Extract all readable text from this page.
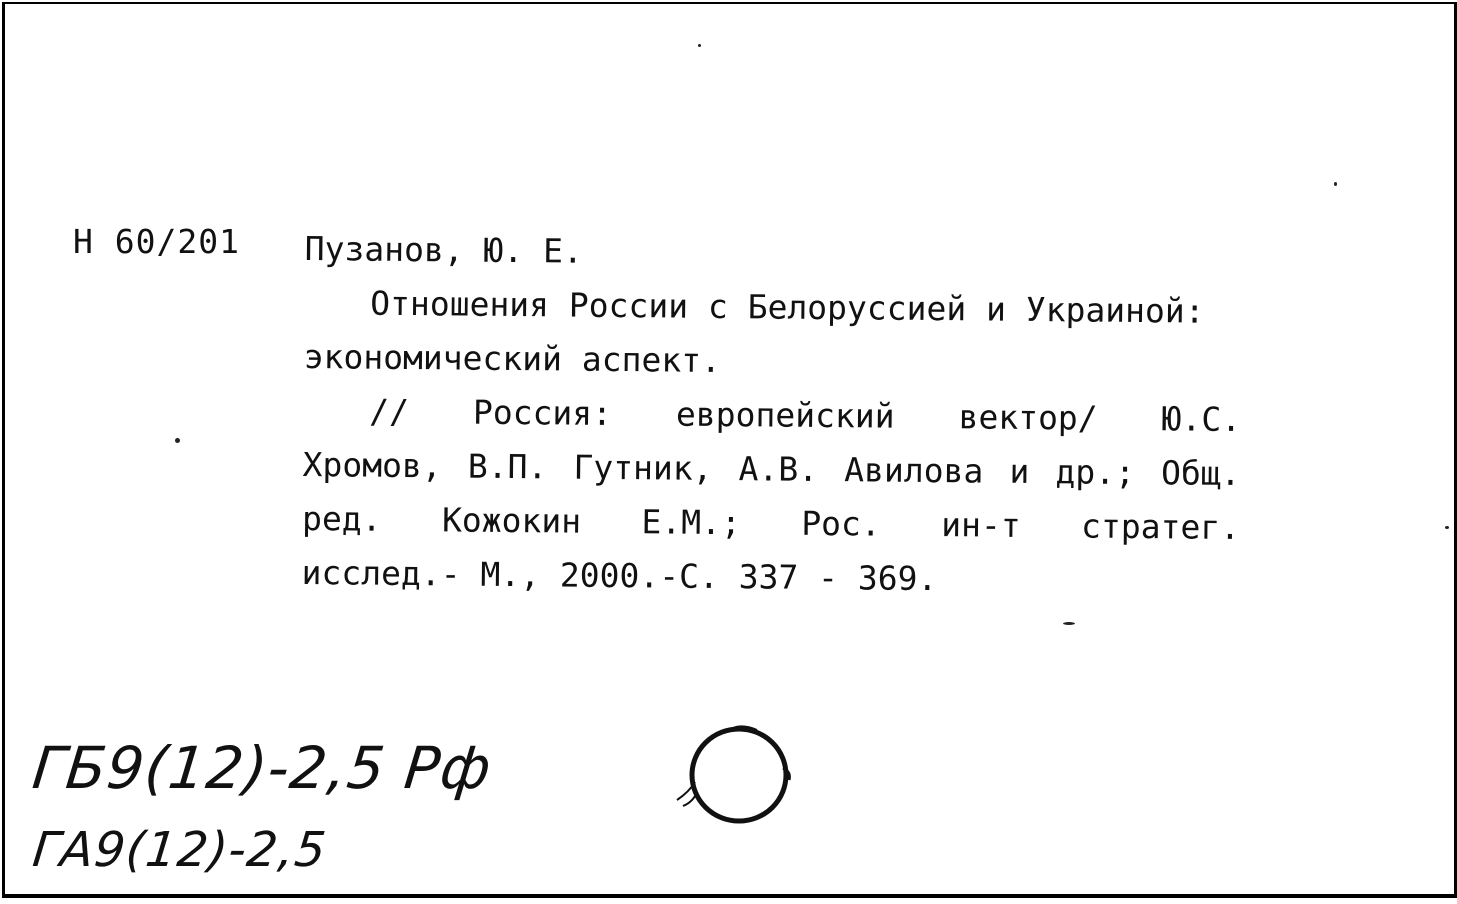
Н 60/201 Пузанов, Ю. Е.
Отношения России с Белоруссией и Украиной:
экономический аспект.
// Россия: европейский вектор/ Ю.С.
Хромов, В.П. Гутник, А.В. Авилова и др.; Общ.
ред. Кожокин Е.М.; Рос. ин-т стратег.
исслед.- М., 2000.-С. 337 - 369.
ГБ9(12)-2,5 Рф
ГА9(12)-2,5
